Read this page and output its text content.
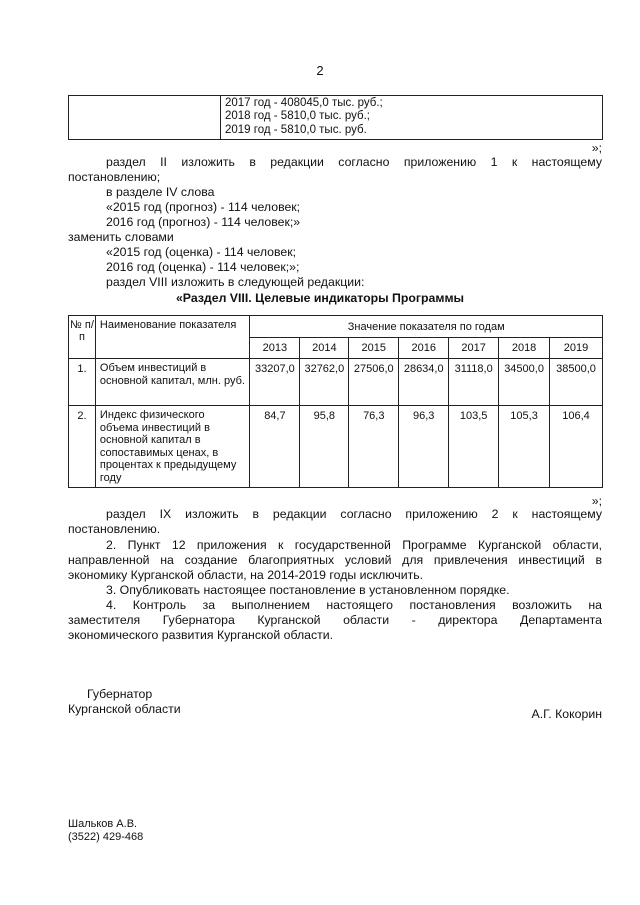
2
2017 год - 408045,0 тыс. руб.;
2018 год - 5810,0 тыс. руб.;
2019 год - 5810,0 тыс. руб.
»;
раздел II изложить в редакции согласно приложению 1 к настоящему
постановлению;
в разделе IV слова
«2015 год (прогноз) - 114 человек;
2016 год (прогноз) - 114 человек;»
заменить словами
«2015 год (оценка) - 114 человек;
2016 год (оценка) - 114 человек;»;
раздел VIII изложить в следующей редакции:
«Раздел VIII. Целевые индикаторы Программы
№ п/п	Наименование показателя	Значение показателя по годам						
		2013	2014	2015	2016	2017	2018	2019
1.	Объем инвестиций в основной капитал, млн. руб.	33207,0	32762,0	27506,0	28634,0	31118,0	34500,0	38500,0
2.	Индекс физического объема инвестиций в основной капитал в сопоставимых ценах, в процентах к предыдущему году	84,7	95,8	76,3	96,3	103,5	105,3	106,4
»;
раздел IX изложить в редакции согласно приложению 2 к настоящему
постановлению.
2. Пункт 12 приложения к государственной Программе Курганской области,
направленной на создание благоприятных условий для привлечения инвестиций в
экономику Курганской области, на 2014-2019 годы исключить.
3. Опубликовать настоящее постановление в установленном порядке.
4. Контроль за выполнением настоящего постановления возложить на
заместителя Губернатора Курганской области - директора Департамента
экономического развития Курганской области.
Губернатор
Курганской области	А.Г. Кокорин
Шальков А.В.
(3522) 429-468
